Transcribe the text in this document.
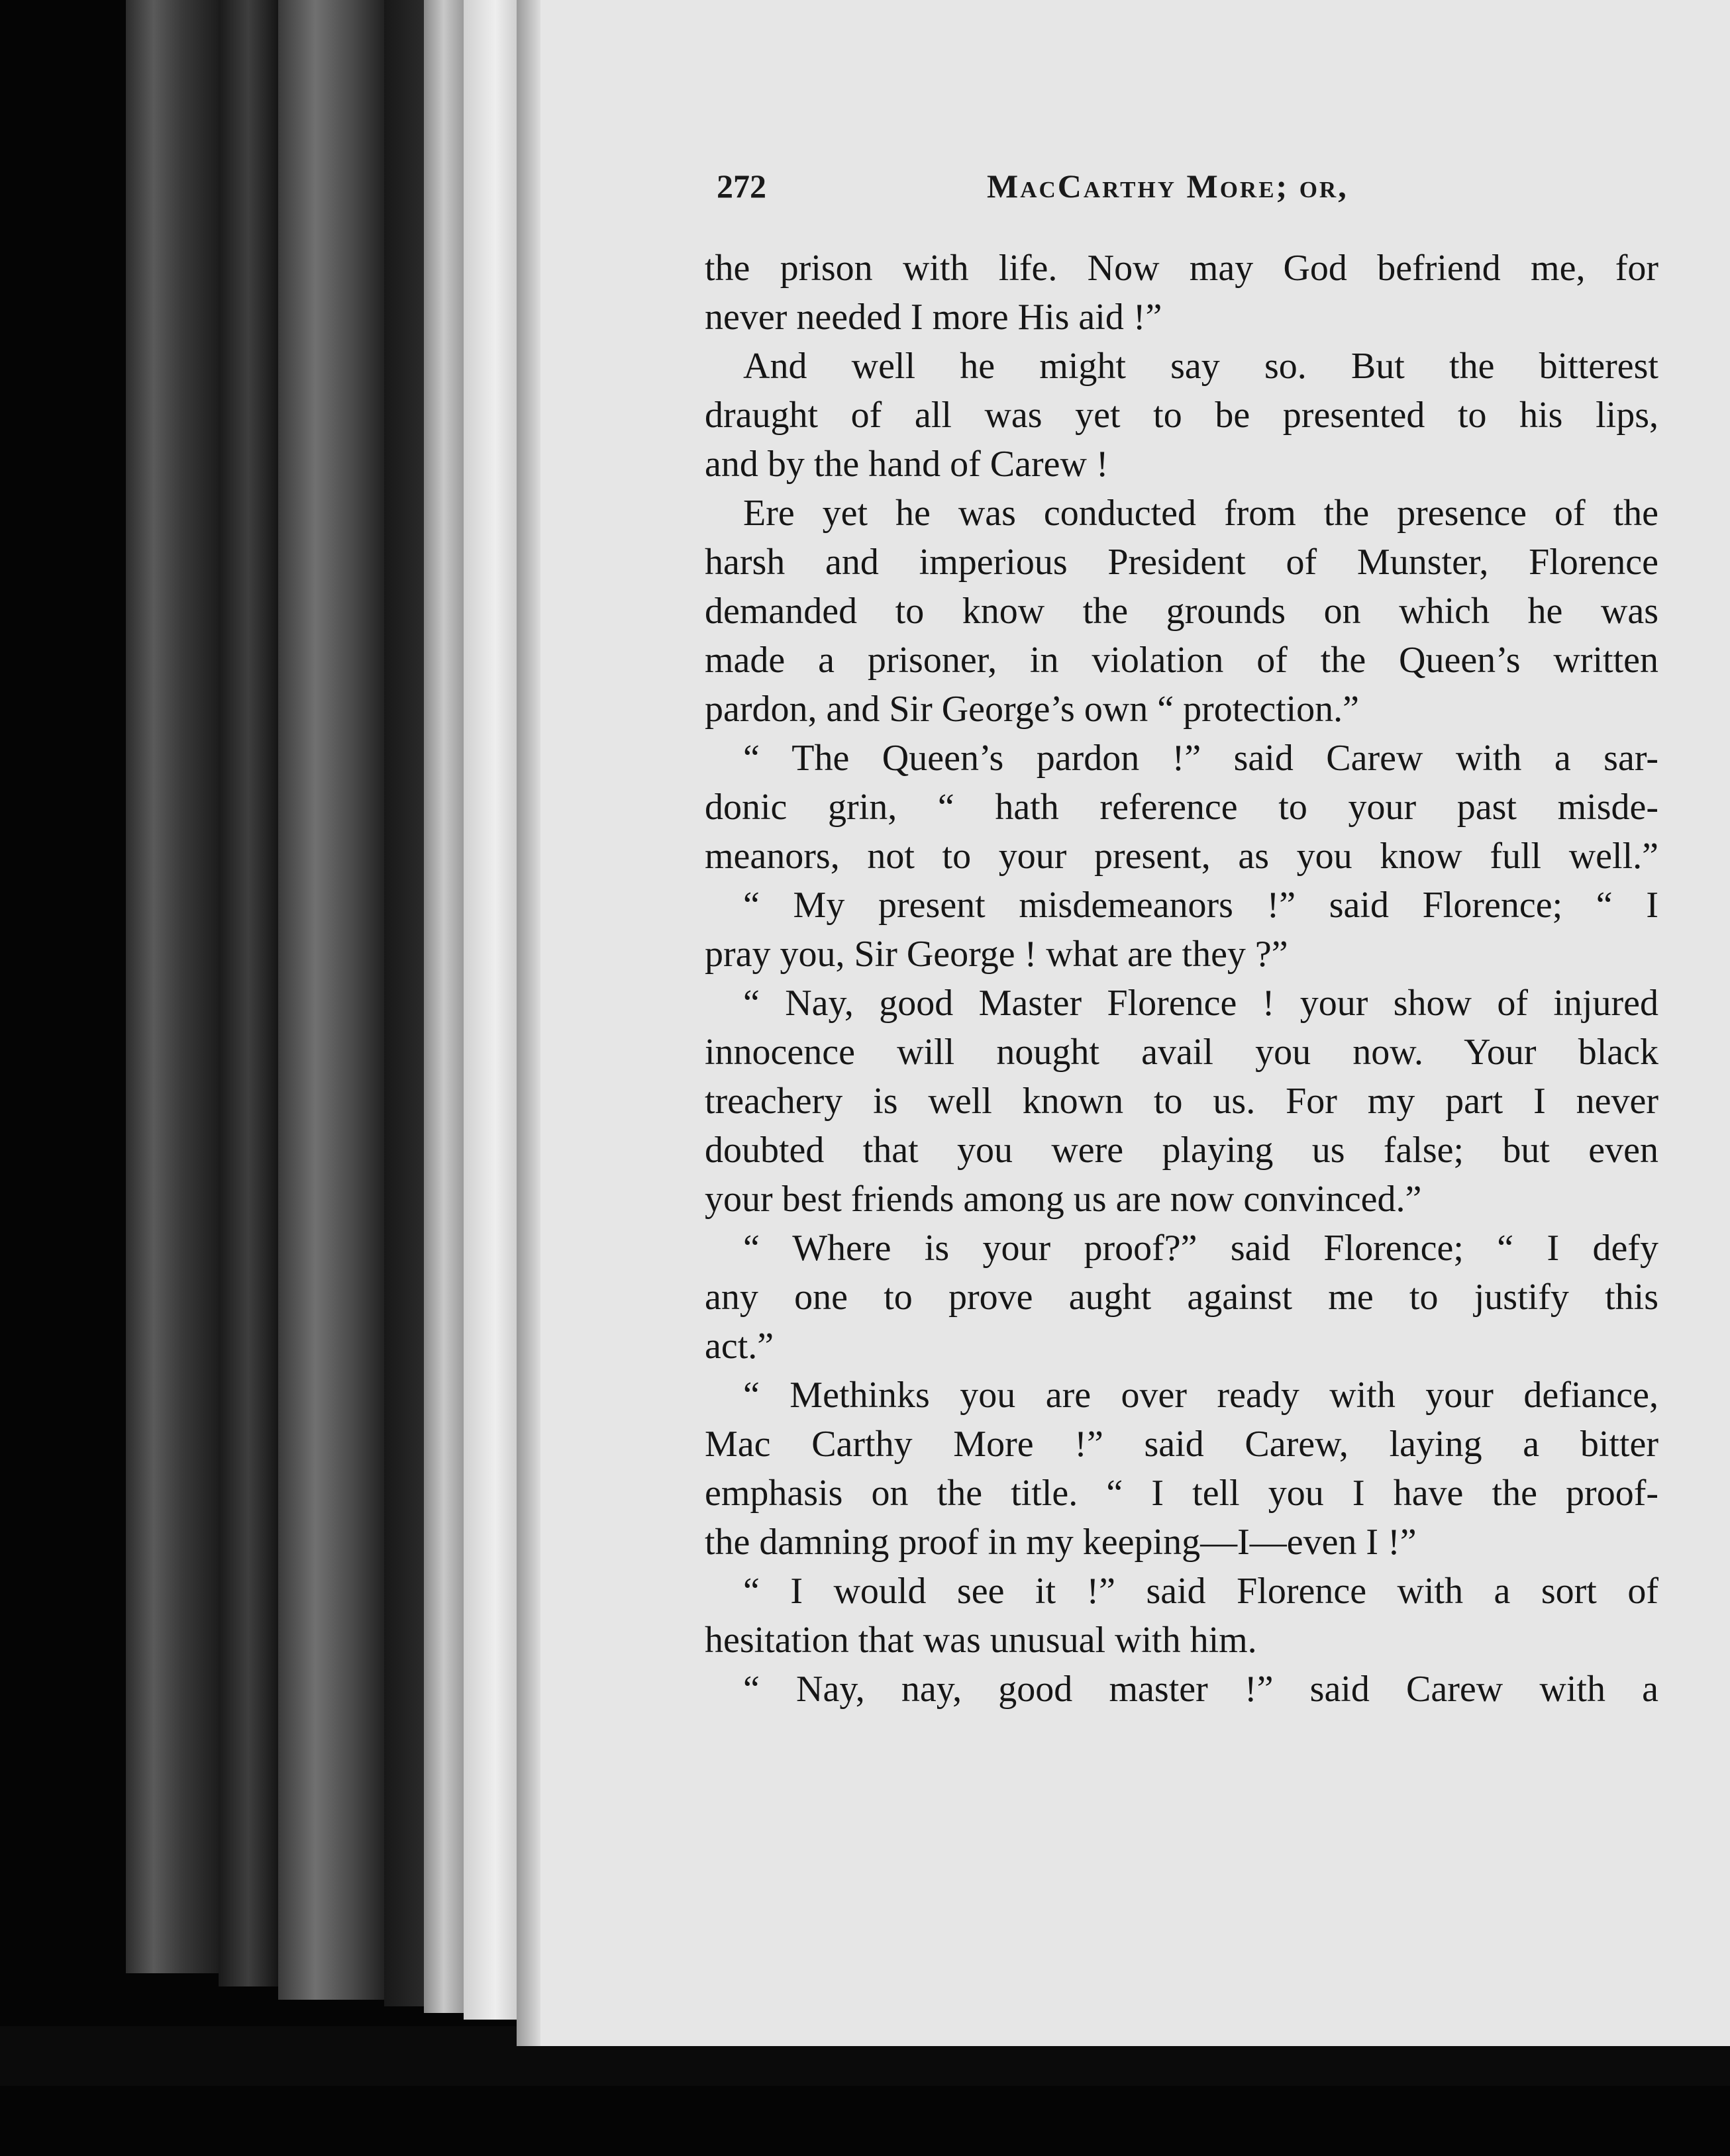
272	MacCarthy More; or,
the prison with life. Now may God befriend me, for
never needed I more His aid !”
And well he might say so. But the bitterest
draught of all was yet to be presented to his lips,
and by the hand of Carew !
Ere yet he was conducted from the presence of the
harsh and imperious President of Munster, Florence
demanded to know the grounds on which he was
made a prisoner, in violation of the Queen’s written
pardon, and Sir George’s own “ protection.”
“ The Queen’s pardon !” said Carew with a sar-
donic grin, “ hath reference to your past misde-
meanors, not to your present, as you know full well.”
“ My present misdemeanors !” said Florence; “ I
pray you, Sir George ! what are they ?”
“ Nay, good Master Florence ! your show of injured
innocence will nought avail you now. Your black
treachery is well known to us. For my part I never
doubted that you were playing us false; but even
your best friends among us are now convinced.”
“ Where is your proof?” said Florence; “ I defy
any one to prove aught against me to justify this
act.”
“ Methinks you are over ready with your defiance,
Mac Carthy More !” said Carew, laying a bitter
emphasis on the title. “ I tell you I have the proof-
the damning proof in my keeping—I—even I !”
“ I would see it !” said Florence with a sort of
hesitation that was unusual with him.
“ Nay, nay, good master !” said Carew with a
